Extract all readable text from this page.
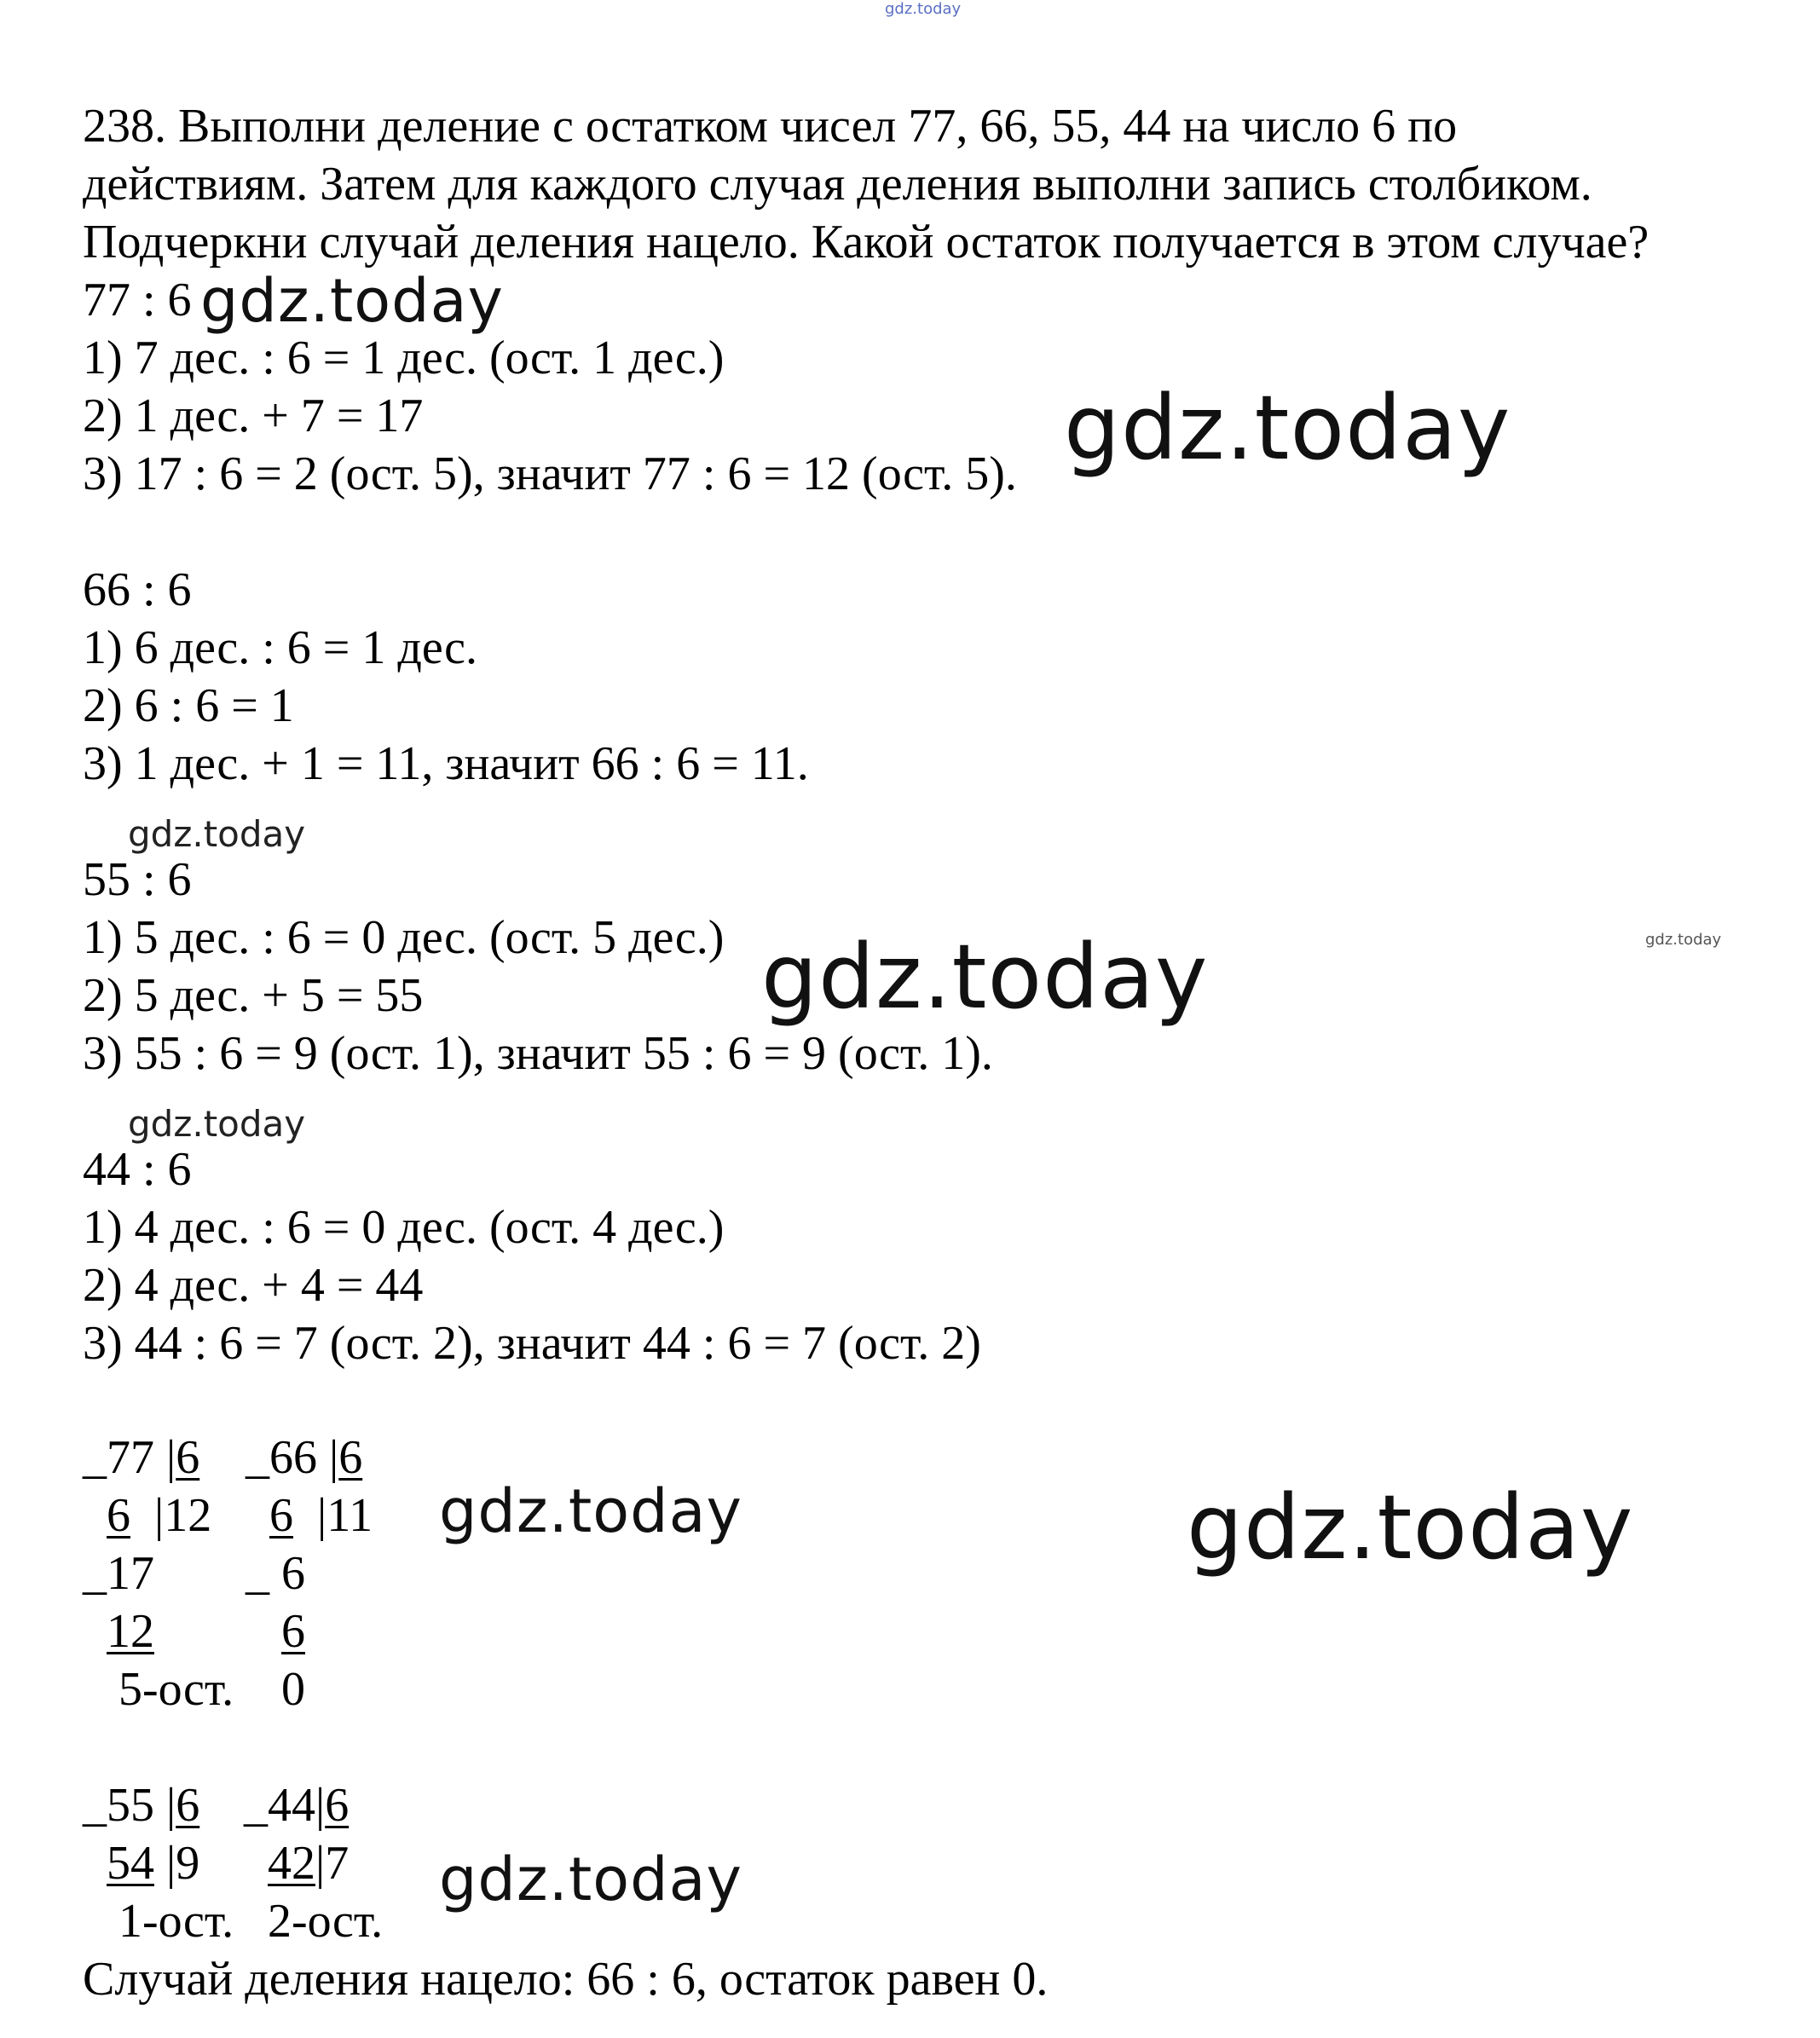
gdz.today
238. Выполни деление с остатком чисел 77, 66, 55, 44 на число 6 по
действиям. Затем для каждого случая деления выполни запись столбиком.
Подчеркни случай деления нацело. Какой остаток получается в этом случае?
77 : 6 gdz.today
1) 7 дес. : 6 = 1 дес. (ост. 1 дес.)
2) 1 дес. + 7 = 17
3) 17 : 6 = 2 (ост. 5), значит 77 : 6 = 12 (ост. 5). gdz.today
66 : 6
1) 6 дес. : 6 = 1 дес.
2) 6 : 6 = 1
3) 1 дес. + 1 = 11, значит 66 : 6 = 11.
gdz.today
55 : 6
1) 5 дес. : 6 = 0 дес. (ост. 5 дес.)
2) 5 дес. + 5 = 55
3) 55 : 6 = 9 (ост. 1), значит 55 : 6 = 9 (ост. 1).
gdz.today	gdz.today
gdz.today
44 : 6
1) 4 дес. : 6 = 0 дес. (ост. 4 дес.)
2) 4 дес. + 4 = 44
3) 44 : 6 = 7 (ост. 2), значит 44 : 6 = 7 (ост. 2)
_77 |6
6  |12
_17
12
5-ост.
_66 |6
6  |11
_ 6
6
0
gdz.today	gdz.today
_55 |6
54 |9
1-ост.
_44|6
42|7
2-ост.
gdz.today
Случай деления нацело: 66 : 6, остаток равен 0.
